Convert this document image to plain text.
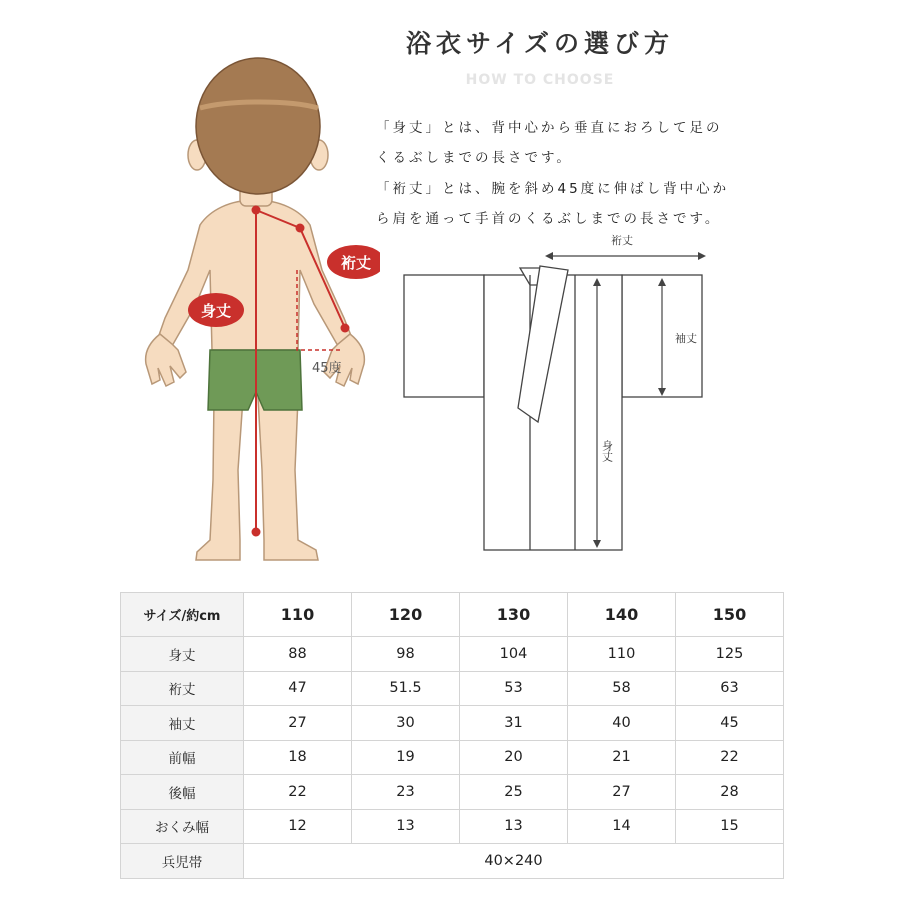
浴衣サイズの選び方
HOW TO CHOOSE
「身丈」とは、背中心から垂直におろして足の
くるぶしまでの長さです。
「裄丈」とは、腕を斜め45度に伸ばし背中心か
ら肩を通って手首のくるぶしまでの長さです。
身丈
裄丈
45度
裄丈
袖丈
身丈
サイズ/約cm	110	120	130	140	150
身丈	88	98	104	110	125
裄丈	47	51.5	53	58	63
袖丈	27	30	31	40	45
前幅	18	19	20	21	22
後幅	22	23	25	27	28
おくみ幅	12	13	13	14	15
兵児帯	40×240				
